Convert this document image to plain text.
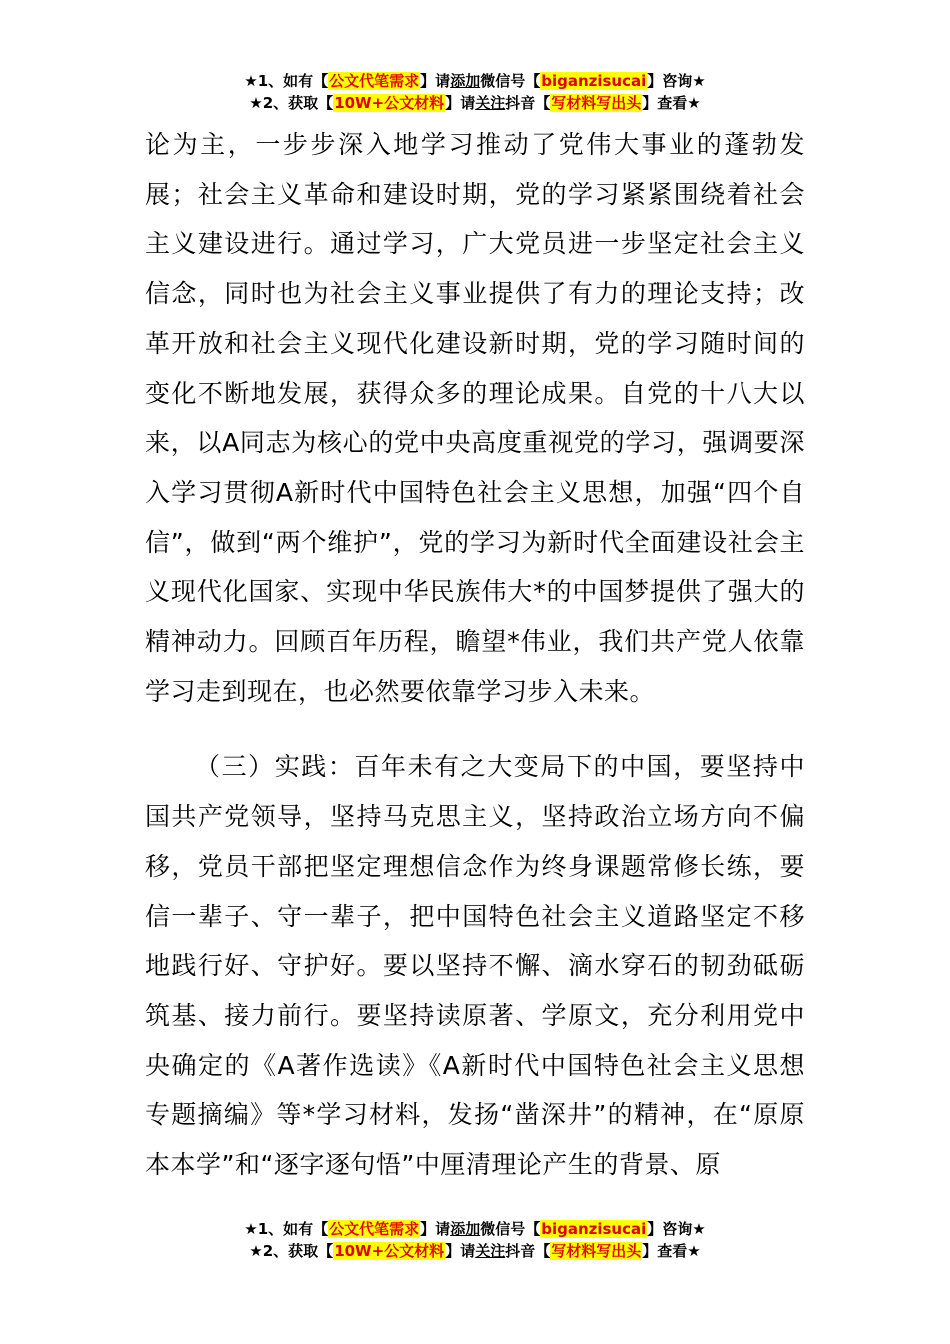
★1、如有【公文代笔需求】请添加微信号【biganzisucai】咨询★
★2、获取【10W+公文材料】请关注抖音【写材料写出头】查看★

论为主，一步步深入地学习推动了党伟大事业的蓬勃发展；社会主义革命和建设时期，党的学习紧紧围绕着社会主义建设进行。通过学习，广大党员进一步坚定社会主义信念，同时也为社会主义事业提供了有力的理论支持；改革开放和社会主义现代化建设新时期，党的学习随时间的变化不断地发展，获得众多的理论成果。自党的十八大以来，以A同志为核心的党中央高度重视党的学习，强调要深入学习贯彻A新时代中国特色社会主义思想，加强“四个自信”，做到“两个维护”，党的学习为新时代全面建设社会主义现代化国家、实现中华民族伟大*的中国梦提供了强大的精神动力。回顾百年历程，瞻望*伟业，我们共产党人依靠学习走到现在，也必然要依靠学习步入未来。

（三）实践：百年未有之大变局下的中国，要坚持中国共产党领导，坚持马克思主义，坚持政治立场方向不偏移，党员干部把坚定理想信念作为终身课题常修长练，要信一辈子、守一辈子，把中国特色社会主义道路坚定不移地践行好、守护好。要以坚持不懈、滴水穿石的韧劲砥砺筑基、接力前行。要坚持读原著、学原文，充分利用党中央确定的《A著作选读》《A新时代中国特色社会主义思想专题摘编》等*学习材料，发扬“凿深井”的精神，在“原原本本学”和“逐字逐句悟”中厘清理论产生的背景、原

★1、如有【公文代笔需求】请添加微信号【biganzisucai】咨询★
★2、获取【10W+公文材料】请关注抖音【写材料写出头】查看★
